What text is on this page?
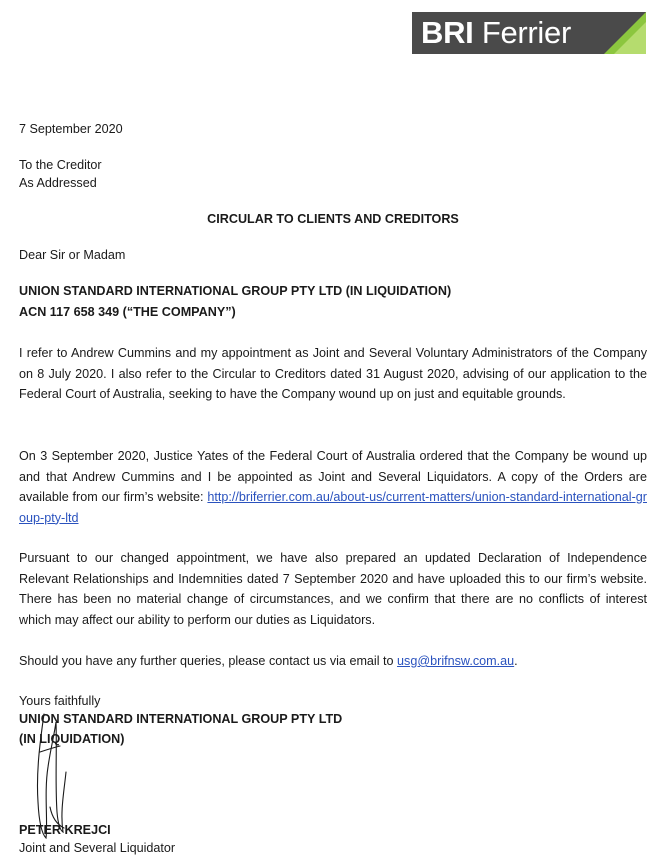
BRI Ferrier
7 September 2020
To the Creditor
As Addressed
CIRCULAR TO CLIENTS AND CREDITORS
Dear Sir or Madam
UNION STANDARD INTERNATIONAL GROUP PTY LTD (IN LIQUIDATION)
ACN 117 658 349 (“THE COMPANY”)
I refer to Andrew Cummins and my appointment as Joint and Several Voluntary Administrators of the Company on 8 July 2020. I also refer to the Circular to Creditors dated 31 August 2020, advising of our application to the Federal Court of Australia, seeking to have the Company wound up on just and equitable grounds.
On 3 September 2020, Justice Yates of the Federal Court of Australia ordered that the Company be wound up and that Andrew Cummins and I be appointed as Joint and Several Liquidators. A copy of the Orders are available from our firm’s website: http://briferrier.com.au/about-us/current-matters/union-standard-international-group-pty-ltd
Pursuant to our changed appointment, we have also prepared an updated Declaration of Independence Relevant Relationships and Indemnities dated 7 September 2020 and have uploaded this to our firm’s website. There has been no material change of circumstances, and we confirm that there are no conflicts of interest which may affect our ability to perform our duties as Liquidators.
Should you have any further queries, please contact us via email to usg@brifnsw.com.au.
Yours faithfully
UNION STANDARD INTERNATIONAL GROUP PTY LTD
(IN LIQUIDATION)
PETER KREJCI
Joint and Several Liquidator
